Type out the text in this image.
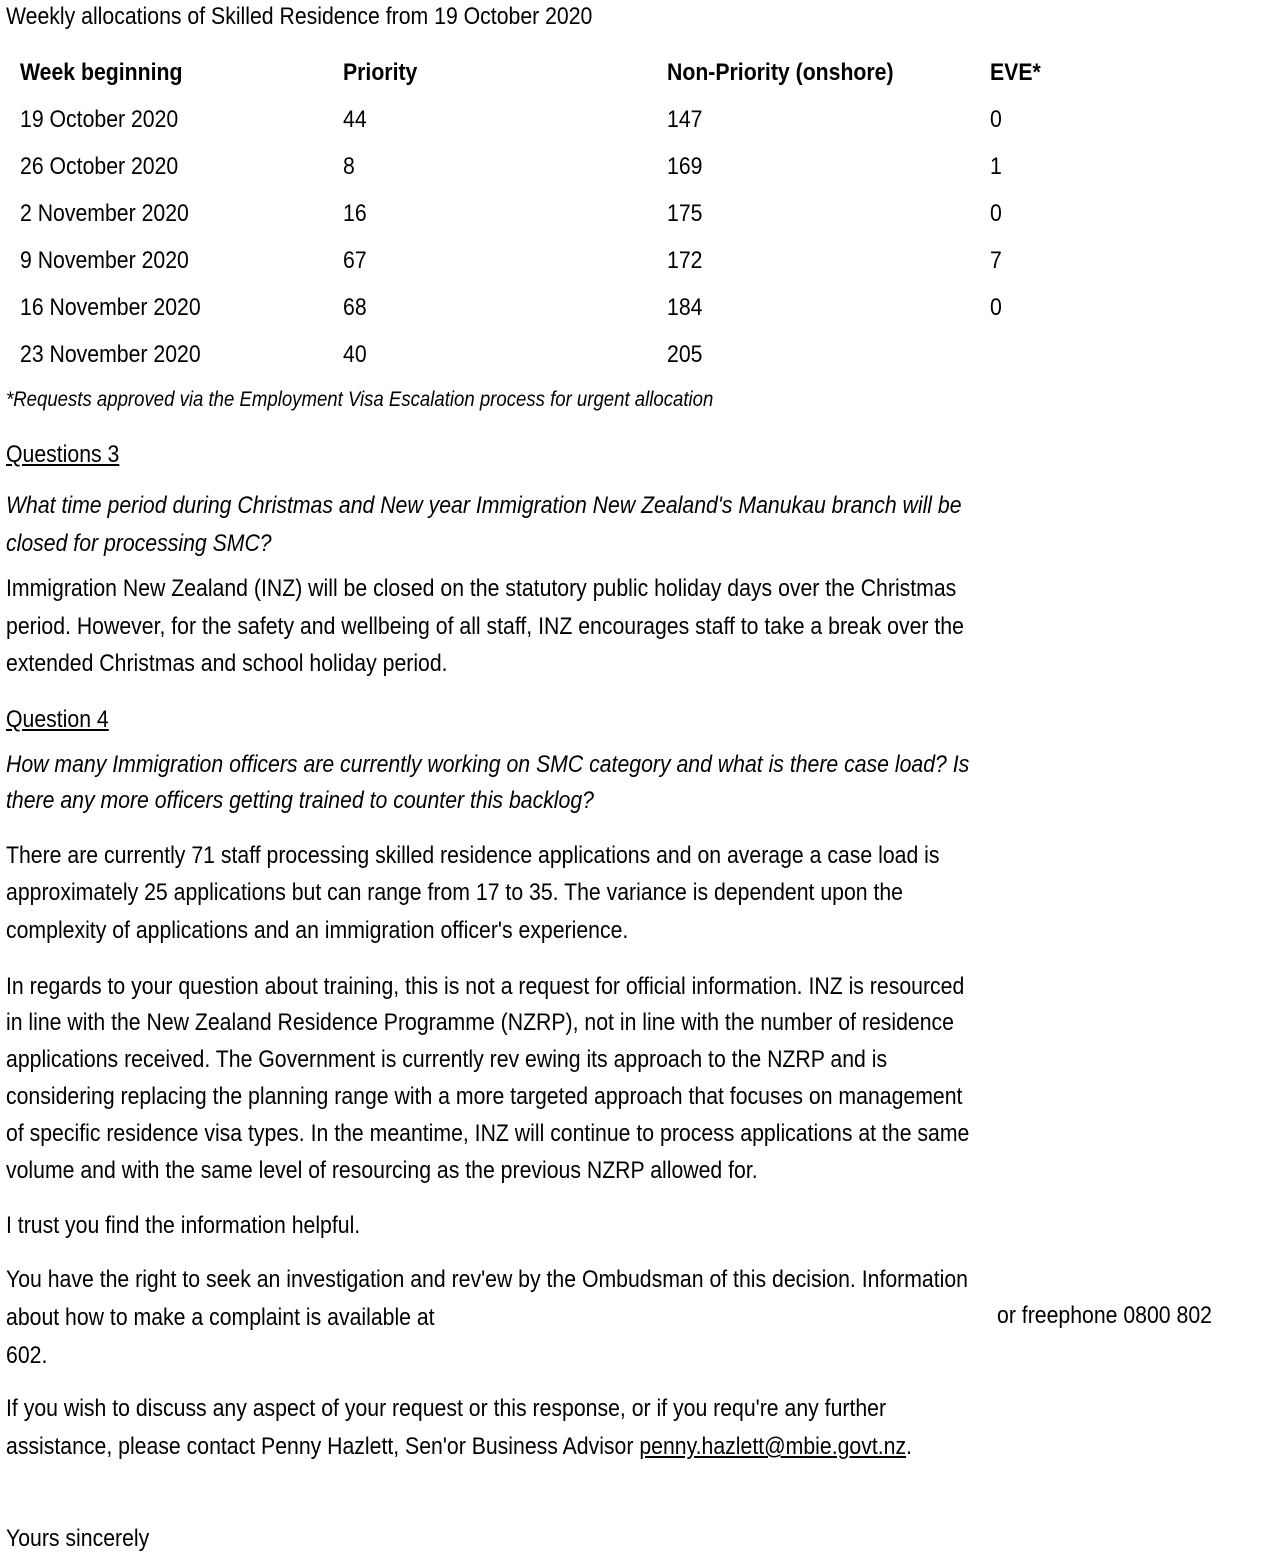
Weekly allocations of Skilled Residence from 19 October 2020
Week beginning	Priority	Non-Priority (onshore)	EVE*
19 October 2020	44	147	0
26 October 2020	8	169	1
2 November 2020	16	175	0
9 November 2020	67	172	7
16 November 2020	68	184	0
23 November 2020	40	205
*Requests approved via the Employment Visa Escalation process for urgent allocation
Questions 3
What time period during Christmas and New year Immigration New Zealand's Manukau branch will be
closed for processing SMC?
Immigration New Zealand (INZ) will be closed on the statutory public holiday days over the Christmas
period. However, for the safety and wellbeing of all staff, INZ encourages staff to take a break over the
extended Christmas and school holiday period.
Question 4
How many Immigration officers are currently working on SMC category and what is there case load? Is
there any more officers getting trained to counter this backlog?
There are currently 71 staff processing skilled residence applications and on average a case load is
approximately 25 applications but can range from 17 to 35. The variance is dependent upon the
complexity of applications and an immigration officer's experience.
In regards to your question about training, this is not a request for official information. INZ is resourced
in line with the New Zealand Residence Programme (NZRP), not in line with the number of residence
applications received. The Government is currently rev ewing its approach to the NZRP and is
considering replacing the planning range with a more targeted approach that focuses on management
of specific residence visa types. In the meantime, INZ will continue to process applications at the same
volume and with the same level of resourcing as the previous NZRP allowed for.
I trust you find the information helpful.
You have the right to seek an investigation and rev'ew by the Ombudsman of this decision. Information
about how to make a complaint is available at	or freephone 0800 802
602.
If you wish to discuss any aspect of your request or this response, or if you requ're any further
assistance, please contact Penny Hazlett, Sen'or Business Advisor penny.hazlett@mbie.govt.nz.
Yours sincerely
